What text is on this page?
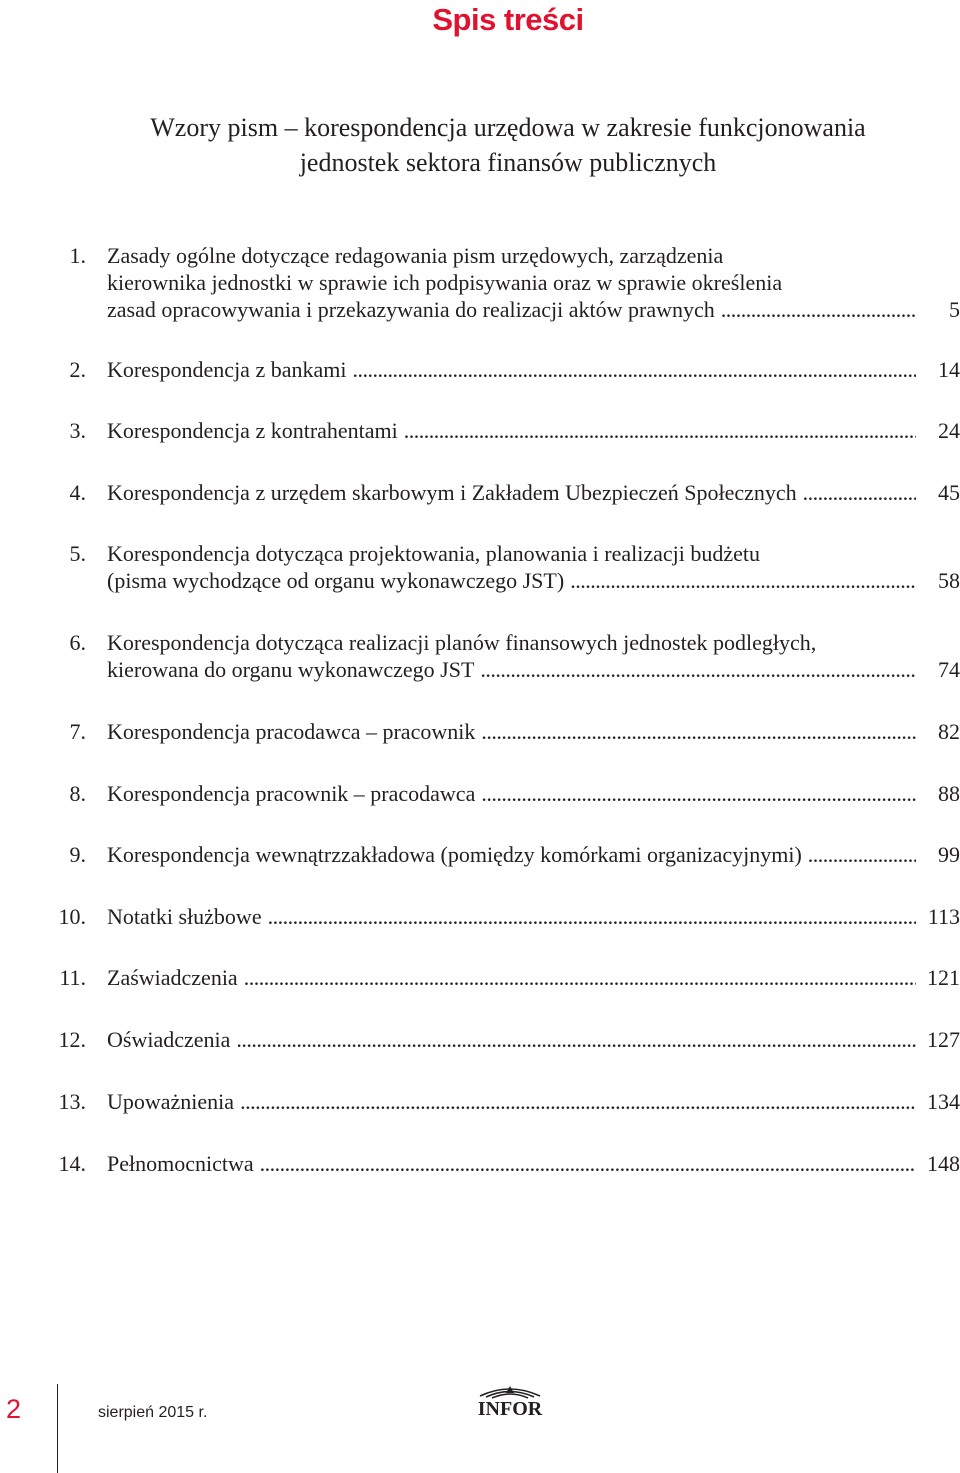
Spis treści
Wzory pism – korespondencja urzędowa w zakresie funkcjonowania
jednostek sektora finansów publicznych
1. Zasady ogólne dotyczące redagowania pism urzędowych, zarządzenia
kierownika jednostki w sprawie ich podpisywania oraz w sprawie określenia
zasad opracowywania i przekazywania do realizacji aktów prawnych . . .	5
2. Korespondencja z bankami . . .	14
3. Korespondencja z kontrahentami . . .	24
4. Korespondencja z urzędem skarbowym i Zakładem Ubezpieczeń Społecznych . . .	45
5. Korespondencja dotycząca projektowania, planowania i realizacji budżetu
(pisma wychodzące od organu wykonawczego JST) . . .	58
6. Korespondencja dotycząca realizacji planów finansowych jednostek podległych,
kierowana do organu wykonawczego JST . . .	74
7. Korespondencja pracodawca – pracownik . . .	82
8. Korespondencja pracownik – pracodawca . . .	88
9. Korespondencja wewnątrzzakładowa (pomiędzy komórkami organizacyjnymi) . . .	99
10. Notatki służbowe . . .	113
11. Zaświadczenia . . .	121
12. Oświadczenia . . .	127
13. Upoważnienia . . .	134
14. Pełnomocnictwa . . .	148
2	sierpień 2015 r.	INFOR
